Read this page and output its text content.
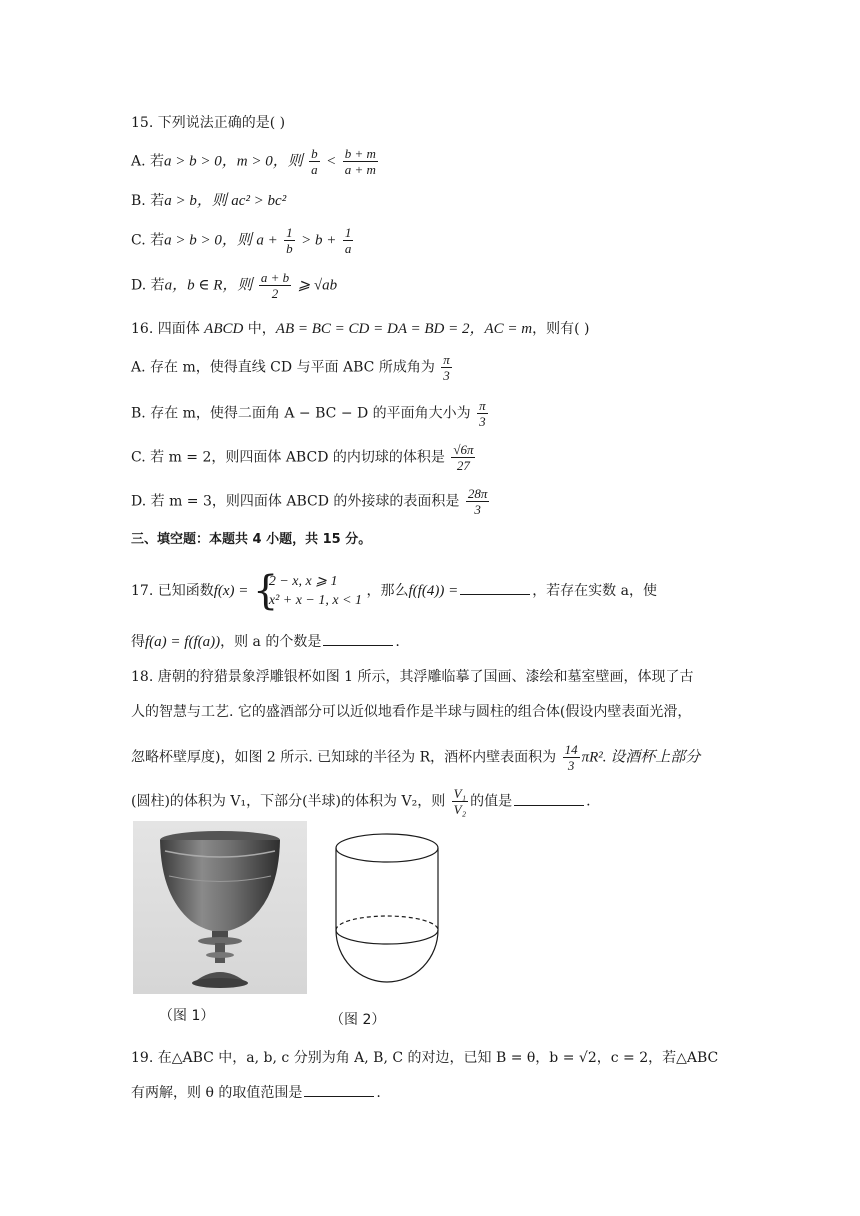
15. 下列说法正确的是( )
A. 若a > b > 0，m > 0，则 $\frac{b}{a} < \frac{b + m}{a + m}$
B. 若a > b，则 ac² > bc²
C. 若a > b > 0，则 $a + \frac{1}{b} > b + \frac{1}{a}$
D. 若a，b ∈ R，则 $\frac{a + b}{2}$ ⩾ √ab
16. 四面体 ABCD 中，AB = BC = CD = DA = BD = 2，AC = m，则有( )
A. 存在 m，使得直线 CD 与平面 ABC 所成角为 $\frac{\pi}{3}$
B. 存在 m，使得二面角 A − BC − D 的平面角大小为 $\frac{\pi}{3}$
C. 若 m = 2，则四面体 ABCD 的内切球的体积是 $\frac{√6\pi}{27}$
D. 若 m = 3，则四面体 ABCD 的外接球的表面积是 $\frac{28\pi}{3}$
三、填空题：本题共 4 小题，共 15 分。
17. 已知函数f(x) = {
2 − x, x ⩾ 1
x² + x − 1, x < 1
，那么f(f(4)) =	，若存在实数 a，使
得f(a) = f(f(a))，则 a 的个数是	.
18. 唐朝的狩猎景象浮雕银杯如图 1 所示，其浮雕临摹了国画、漆绘和墓室壁画，体现了古
人的智慧与工艺. 它的盛酒部分可以近似地看作是半球与圆柱的组合体(假设内壁表面光滑，
忽略杯壁厚度)，如图 2 所示. 已知球的半径为 R，酒杯内壁表面积为 $\frac{14}{3} \pi R^2$. 设酒杯上部分
(圆柱)的体积为 V₁，下部分(半球)的体积为 V₂，则 $\frac{\text{V₁}}{\text{V₂}}$ 的值是	.
（图 1）	（图 2）
19. 在△ABC 中，a, b, c 分别为角 A, B, C 的对边，已知 B = θ，b = √2，c = 2，若△ABC
有两解，则 θ 的取值范围是	.
